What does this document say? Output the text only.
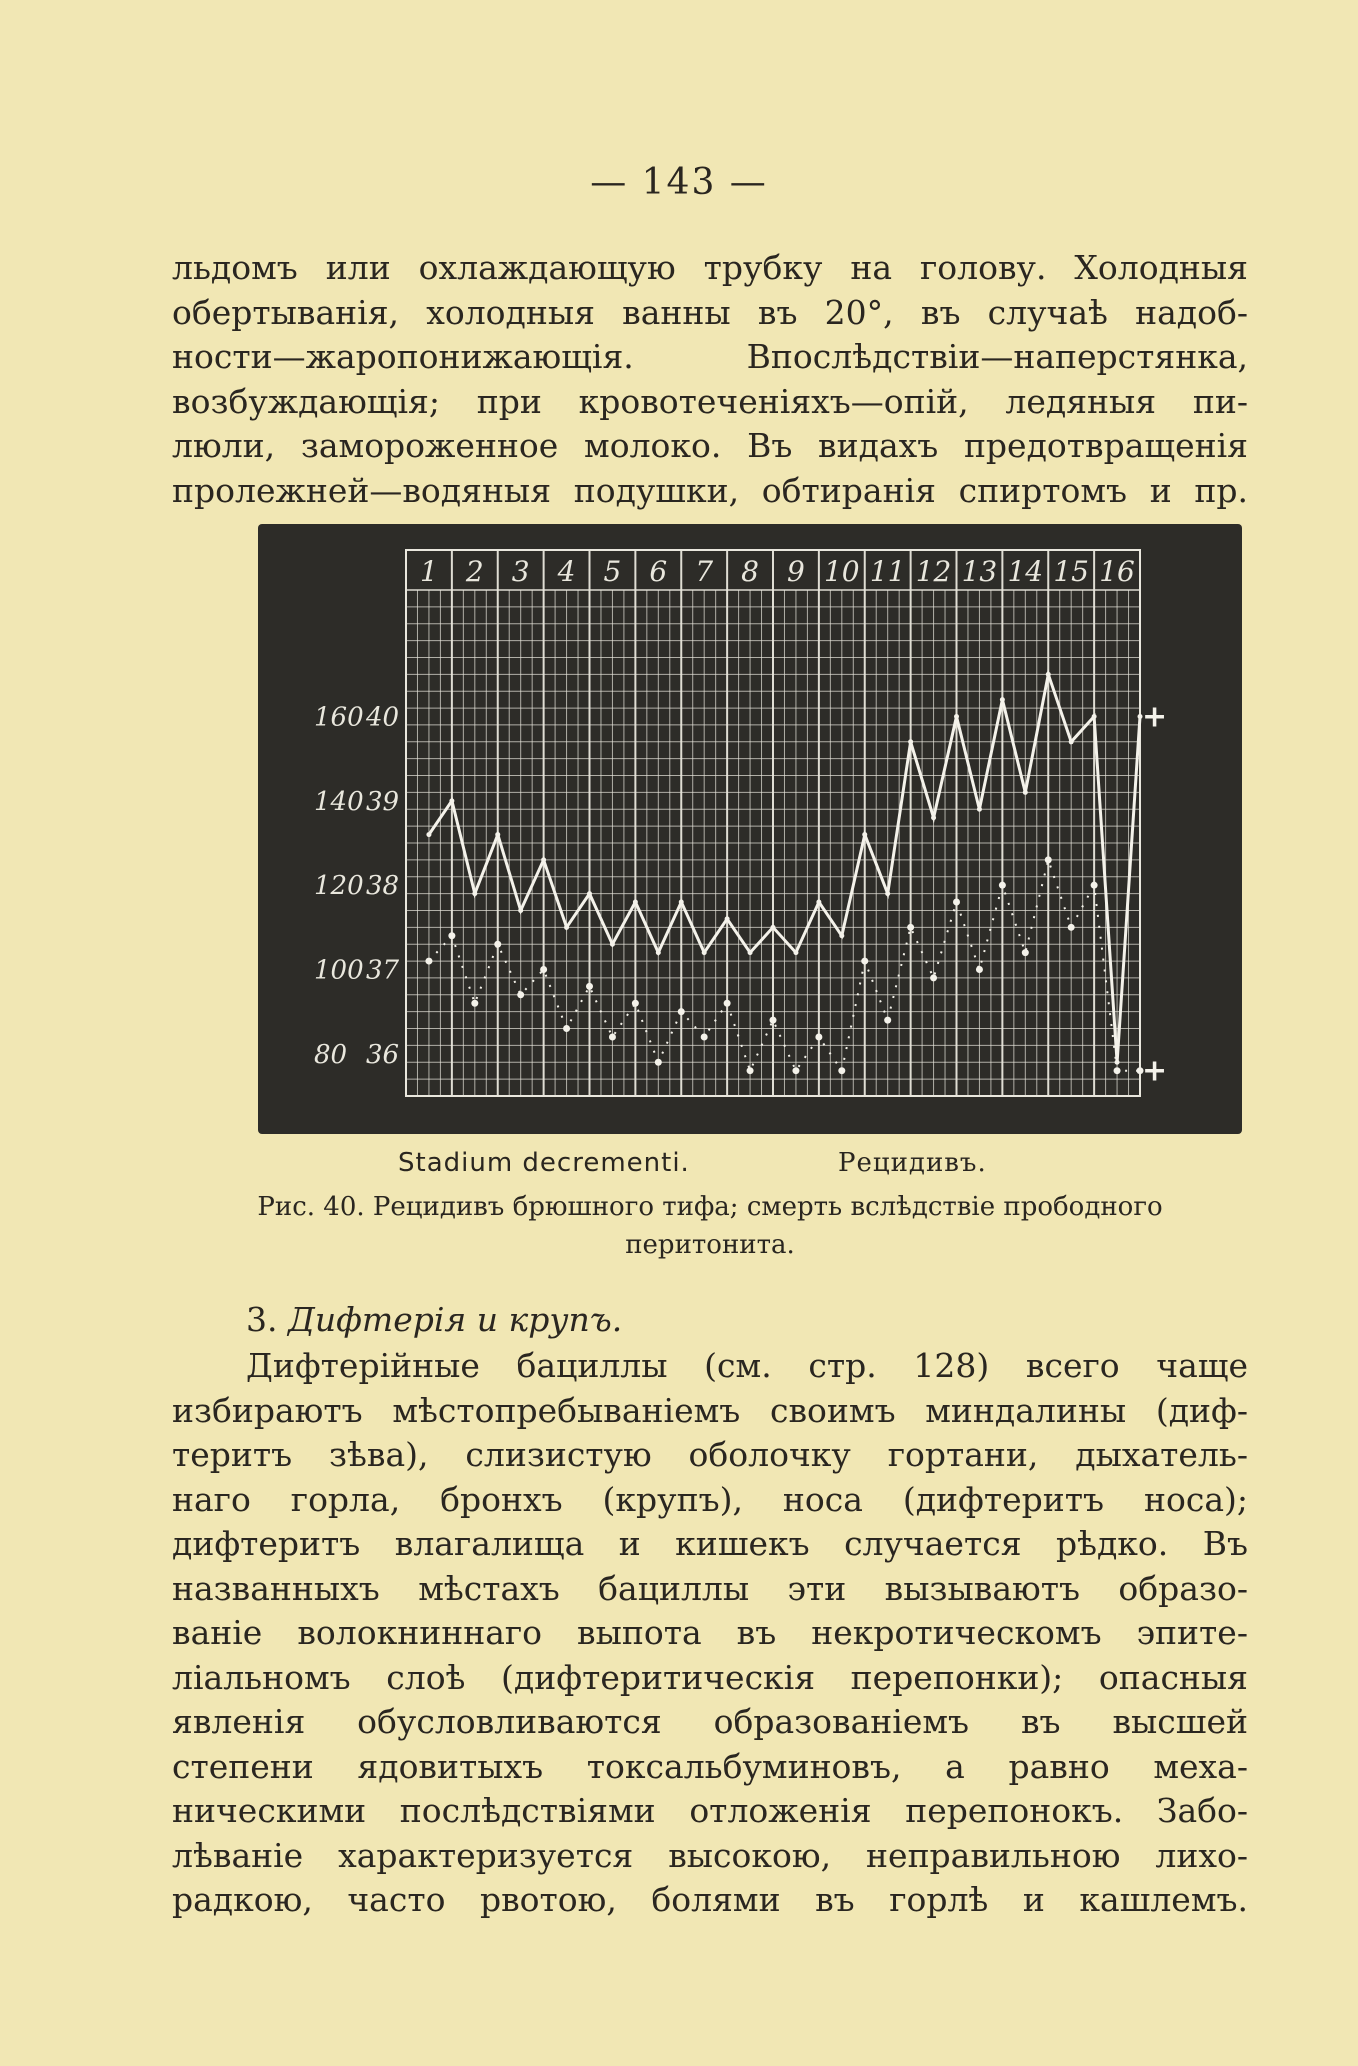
— 143 —
льдомъ или охлаждающую трубку на голову. Холодныя
обертыванія, холодныя ванны въ 20°, въ случаѣ надоб-
ности—жаропонижающія. Впослѣдствіи—наперстянка,
возбуждающія; при кровотеченіяхъ—опій, ледяныя пи-
люли, замороженное молоко. Въ видахъ предотвращенія
пролежней—водяныя подушки, обтиранія спиртомъ и пр.
1 2 3 4 5 6 7 8 9 10 11 12 13 14 15 16
160 40
140 39
120 38
100 37
80 36
+
+
Stadium decrementi.	Рецидивъ.
Рис. 40. Рецидивъ брюшного тифа; смерть вслѣдствіе прободного
перитонита.
3. Дифтерія и крупъ.
Дифтерійные бациллы (см. стр. 128) всего чаще
избираютъ мѣстопребываніемъ своимъ миндалины (диф-
теритъ зѣва), слизистую оболочку гортани, дыхатель-
наго горла, бронхъ (крупъ), носа (дифтеритъ носа);
дифтеритъ влагалища и кишекъ случается рѣдко. Въ
названныхъ мѣстахъ бациллы эти вызываютъ образо-
ваніе волокниннаго выпота въ некротическомъ эпите-
ліальномъ слоѣ (дифтеритическія перепонки); опасныя
явленія обусловливаются образованіемъ въ высшей
степени ядовитыхъ токсальбуминовъ, а равно меха-
ническими послѣдствіями отложенія перепонокъ. Забо-
лѣваніе характеризуется высокою, неправильною лихо-
радкою, часто рвотою, болями въ горлѣ и кашлемъ.
